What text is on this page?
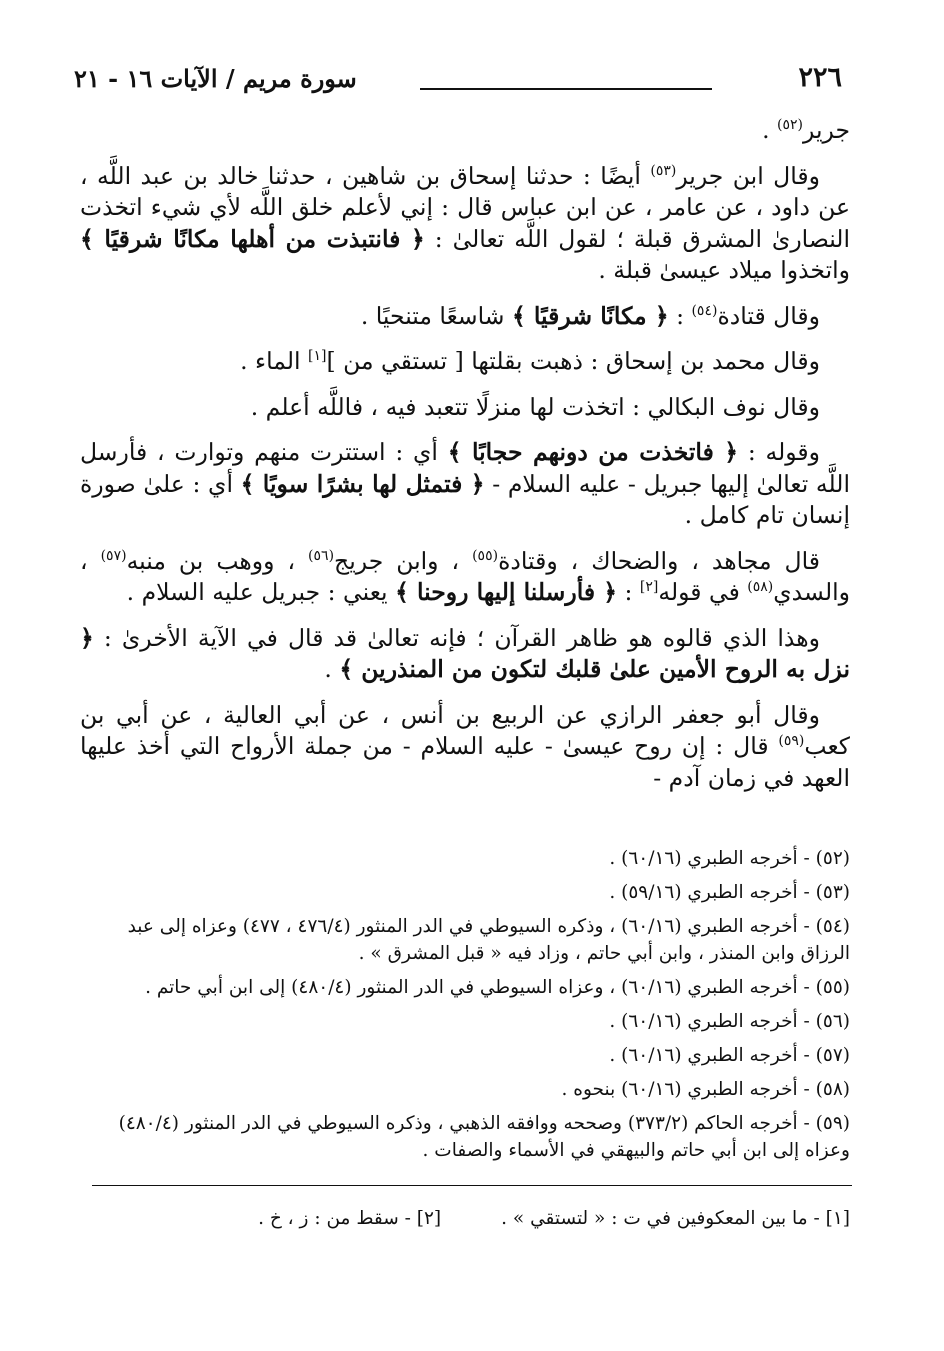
٢٢٦
سورة مريم / الآيات ١٦ - ٢١

جرير$^{(٥٢)}$ .

وقال ابن جرير$^{(٥٣)}$ أيضًا : حدثنا إسحاق بن شاهين ، حدثنا خالد بن عبد اللَّه ، عن داود ، عن عامر ، عن ابن عباس قال : إني لأعلم خلق اللَّه لأي شيء اتخذت النصارىٰ المشرق قبلة ؛ لقول اللَّه تعالىٰ : ﴿ فانتبذت من أهلها مكانًا شرقيًا ﴾ واتخذوا ميلاد عيسىٰ قبلة .

وقال قتادة$^{(٥٤)}$ : ﴿ مكانًا شرقيًا ﴾ شاسعًا متنحيًا .

وقال محمد بن إسحاق : ذهبت بقلتها [ تستقي من ][١] الماء .

وقال نوف البكالي : اتخذت لها منزلًا تتعبد فيه ، فاللَّه أعلم .

وقوله : ﴿ فاتخذت من دونهم حجابًا ﴾ أي : استترت منهم وتوارت ، فأرسل اللَّه تعالىٰ إليها جبريل - عليه السلام - ﴿ فتمثل لها بشرًا سويًا ﴾ أي : علىٰ صورة إنسان تام كامل .

قال مجاهد ، والضحاك ، وقتادة$^{(٥٥)}$ ، وابن جريج$^{(٥٦)}$ ، ووهب بن منبه$^{(٥٧)}$ ، والسدي$^{(٥٨)}$ في قوله[٢] : ﴿ فأرسلنا إليها روحنا ﴾ يعني : جبريل عليه السلام .

وهذا الذي قالوه هو ظاهر القرآن ؛ فإنه تعالىٰ قد قال في الآية الأخرىٰ : ﴿ نزل به الروح الأمين علىٰ قلبك لتكون من المنذرين ﴾ .

وقال أبو جعفر الرازي عن الربيع بن أنس ، عن أبي العالية ، عن أبي بن كعب$^{(٥٩)}$ قال : إن روح عيسىٰ - عليه السلام - من جملة الأرواح التي أخذ عليها العهد في زمان آدم -

(٥٢) - أخرجه الطبري (٦٠/١٦) .

(٥٣) - أخرجه الطبري (٥٩/١٦) .

(٥٤) - أخرجه الطبري (٦٠/١٦) ، وذكره السيوطي في الدر المنثور (٤٧٦/٤ ، ٤٧٧) وعزاه إلى عبد الرزاق وابن المنذر ، وابن أبي حاتم ، وزاد فيه « قبل المشرق » .

(٥٥) - أخرجه الطبري (٦٠/١٦) ، وعزاه السيوطي في الدر المنثور (٤٨٠/٤) إلى ابن أبي حاتم .

(٥٦) - أخرجه الطبري (٦٠/١٦) .

(٥٧) - أخرجه الطبري (٦٠/١٦) .

(٥٨) - أخرجه الطبري (٦٠/١٦) بنحوه .

(٥٩) - أخرجه الحاكم (٣٧٣/٢) وصححه ووافقه الذهبي ، وذكره السيوطي في الدر المنثور (٤٨٠/٤) وعزاه إلى ابن أبي حاتم والبيهقي في الأسماء والصفات .

[١] - ما بين المعكوفين في ت : « لتستقي » .[٢] - سقط من : ز ، خ .
